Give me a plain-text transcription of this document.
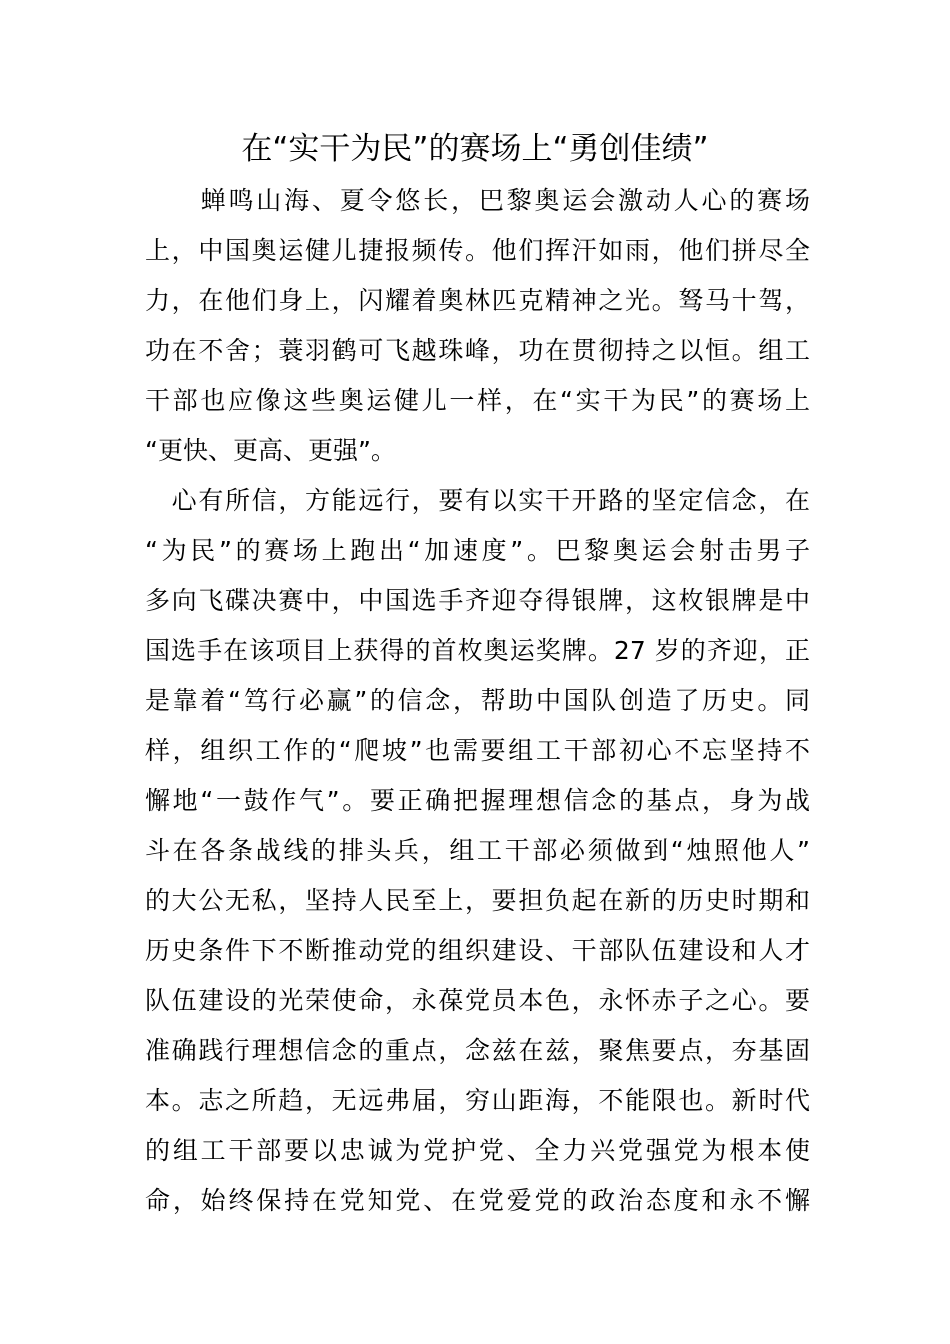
在“实干为民”的赛场上“勇创佳绩”
　　蝉鸣山海、夏令悠长，巴黎奥运会激动人心的赛场
上，中国奥运健儿捷报频传。他们挥汗如雨，他们拼尽全
力，在他们身上，闪耀着奥林匹克精神之光。驽马十驾，
功在不舍；蓑羽鹤可飞越珠峰，功在贯彻持之以恒。组工
干部也应像这些奥运健儿一样，在“实干为民”的赛场上
“更快、更高、更强”。
　心有所信，方能远行，要有以实干开路的坚定信念，在
“为民”的赛场上跑出“加速度”。巴黎奥运会射击男子
多向飞碟决赛中，中国选手齐迎夺得银牌，这枚银牌是中
国选手在该项目上获得的首枚奥运奖牌。27 岁的齐迎，正
是靠着“笃行必赢”的信念，帮助中国队创造了历史。同
样，组织工作的“爬坡”也需要组工干部初心不忘坚持不
懈地“一鼓作气”。要正确把握理想信念的基点，身为战
斗在各条战线的排头兵，组工干部必须做到“烛照他人”
的大公无私，坚持人民至上，要担负起在新的历史时期和
历史条件下不断推动党的组织建设、干部队伍建设和人才
队伍建设的光荣使命，永葆党员本色，永怀赤子之心。要
准确践行理想信念的重点，念兹在兹，聚焦要点，夯基固
本。志之所趋，无远弗届，穷山距海，不能限也。新时代
的组工干部要以忠诚为党护党、全力兴党强党为根本使
命，始终保持在党知党、在党爱党的政治态度和永不懈
